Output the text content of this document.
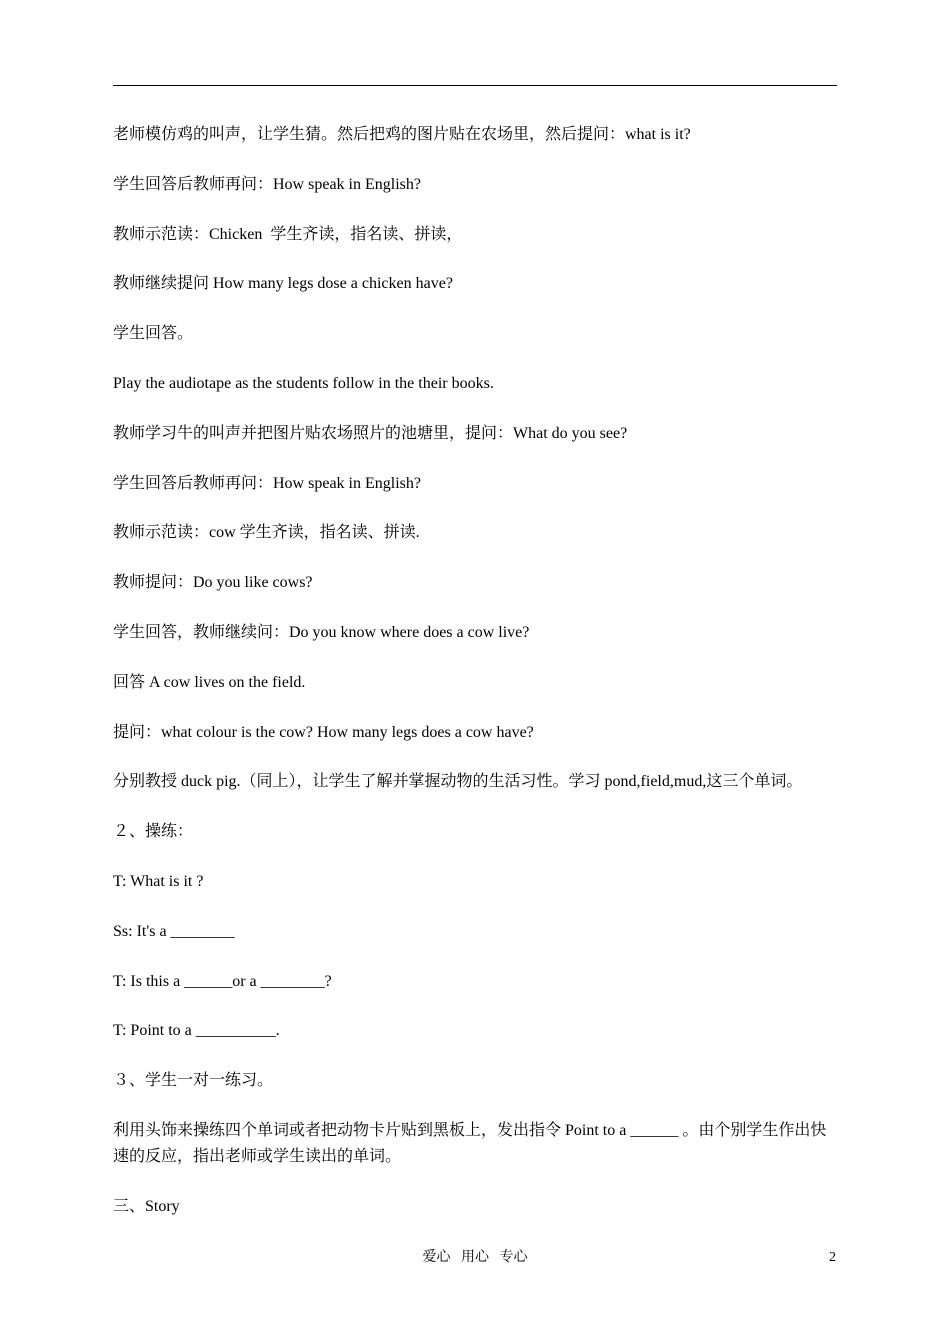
老师模仿鸡的叫声，让学生猜。然后把鸡的图片贴在农场里，然后提问：what is it?

学生回答后教师再问：How speak in English?

教师示范读：Chicken  学生齐读，指名读、拼读，

教师继续提问 How many legs dose a chicken have?

学生回答。

Play the audiotape as the students follow in the their books.

教师学习牛的叫声并把图片贴农场照片的池塘里，提问：What do you see?

学生回答后教师再问：How speak in English?

教师示范读：cow 学生齐读，指名读、拼读.

教师提问：Do you like cows?

学生回答，教师继续问：Do you know where does a cow live?

回答 A cow lives on the field.

提问：what colour is the cow? How many legs does a cow have?

分别教授 duck pig.（同上），让学生了解并掌握动物的生活习性。学习 pond,field,mud,这三个单词。

２、操练：

T: What is it ?

Ss: It's a ________

T: Is this a ______or a ________?

T: Point to a __________.

３、学生一对一练习。

利用头饰来操练四个单词或者把动物卡片贴到黑板上，发出指令 Point to a ______ 。由个别学生作出快速的反应，指出老师或学生读出的单词。

三、Story

爱心   用心   专心	2
